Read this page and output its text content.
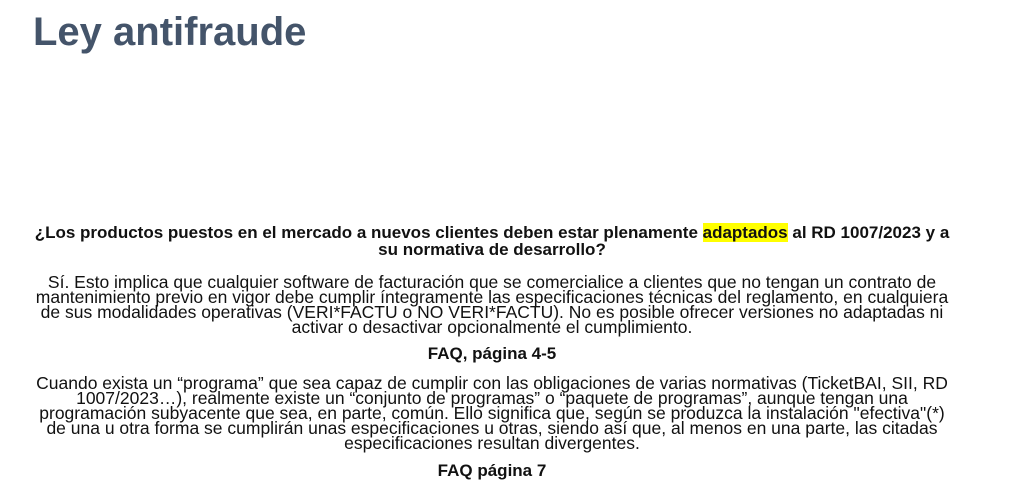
Ley antifraude

¿Los productos puestos en el mercado a nuevos clientes deben estar plenamente adaptados al RD 1007/2023 y a su normativa de desarrollo?

Sí. Esto implica que cualquier software de facturación que se comercialice a clientes que no tengan un contrato de mantenimiento previo en vigor debe cumplir íntegramente las especificaciones técnicas del reglamento, en cualquiera de sus modalidades operativas (VERI*FACTU o NO VERI*FACTU). No es posible ofrecer versiones no adaptadas ni activar o desactivar opcionalmente el cumplimiento.

FAQ, página 4-5

Cuando exista un “programa” que sea capaz de cumplir con las obligaciones de varias normativas (TicketBAI, SII, RD 1007/2023…), realmente existe un “conjunto de programas” o “paquete de programas”, aunque tengan una programación subyacente que sea, en parte, común. Ello significa que, según se produzca la instalación "efectiva"(*) de una u otra forma se cumplirán unas especificaciones u otras, siendo así que, al menos en una parte, las citadas especificaciones resultan divergentes.

FAQ página 7
